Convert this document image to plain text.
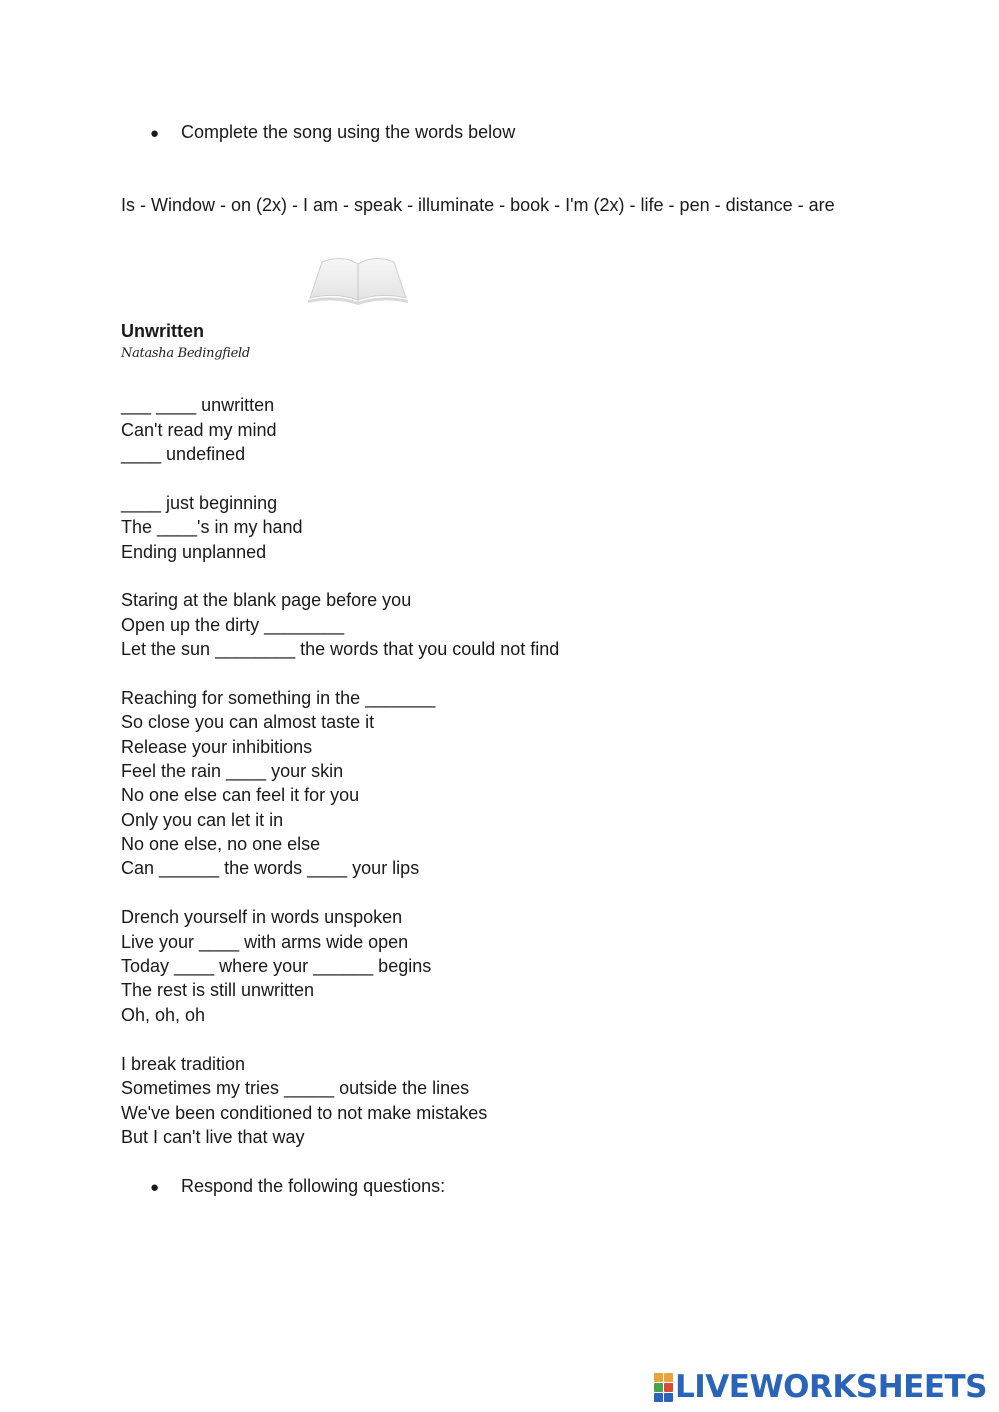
● Complete the song using the words below
Is - Window - on (2x) - I am - speak - illuminate - book - I'm (2x) - life - pen - distance - are
Unwritten
Natasha Bedingfield
___ ____ unwritten
Can't read my mind
____ undefined
____ just beginning
The ____'s in my hand
Ending unplanned
Staring at the blank page before you
Open up the dirty ________
Let the sun ________ the words that you could not find
Reaching for something in the _______
So close you can almost taste it
Release your inhibitions
Feel the rain ____ your skin
No one else can feel it for you
Only you can let it in
No one else, no one else
Can ______ the words ____ your lips
Drench yourself in words unspoken
Live your ____ with arms wide open
Today ____ where your ______ begins
The rest is still unwritten
Oh, oh, oh
I break tradition
Sometimes my tries _____ outside the lines
We've been conditioned to not make mistakes
But I can't live that way
● Respond the following questions:
LIVEWORKSHEETS
